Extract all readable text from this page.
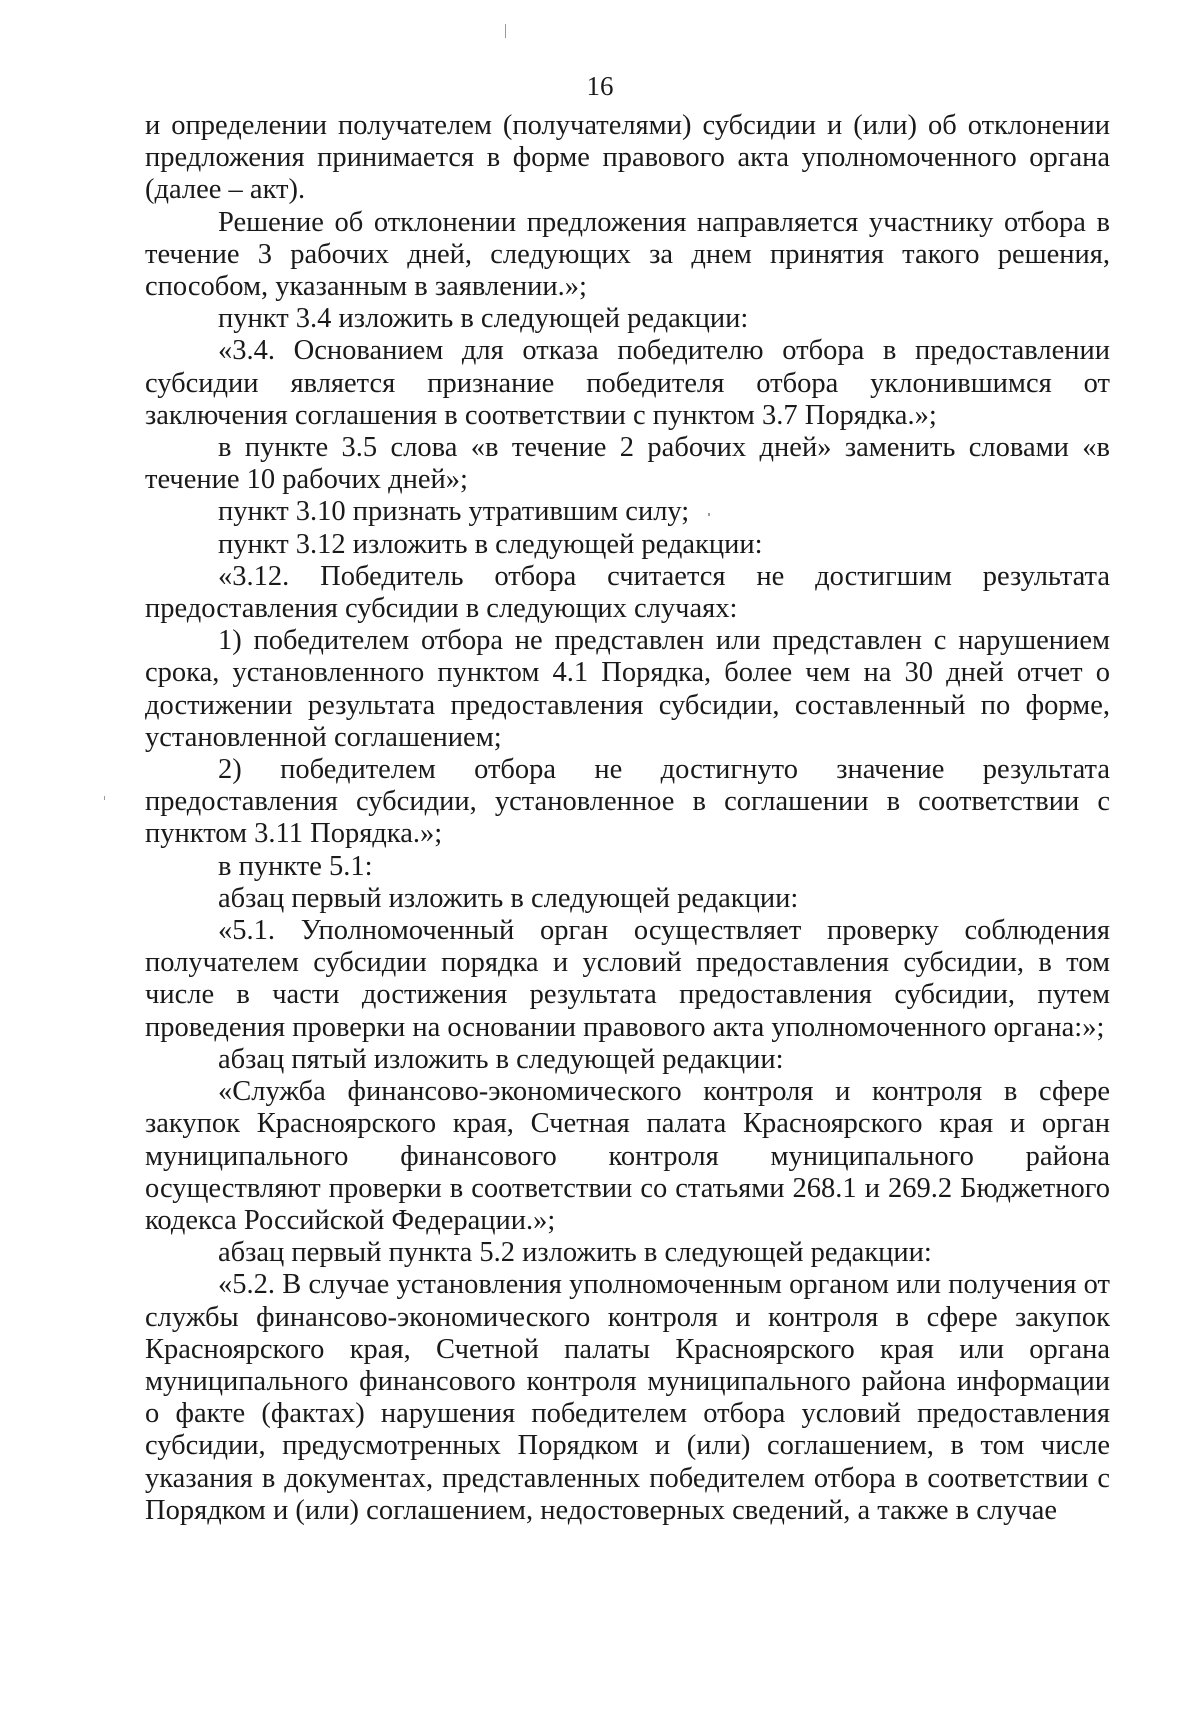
16

и определении получателем (получателями) субсидии и (или) об отклонении предложения принимается в форме правового акта уполномоченного органа (далее – акт).

Решение об отклонении предложения направляется участнику отбора в течение 3 рабочих дней, следующих за днем принятия такого решения, способом, указанным в заявлении.»;

пункт 3.4 изложить в следующей редакции:

«3.4. Основанием для отказа победителю отбора в предоставлении субсидии является признание победителя отбора уклонившимся от заключения соглашения в соответствии с пунктом 3.7 Порядка.»;

в пункте 3.5 слова «в течение 2 рабочих дней» заменить словами «в течение 10 рабочих дней»;

пункт 3.10 признать утратившим силу;

пункт 3.12 изложить в следующей редакции:

«3.12. Победитель отбора считается не достигшим результата предоставления субсидии в следующих случаях:

1) победителем отбора не представлен или представлен с нарушением срока, установленного пунктом 4.1 Порядка, более чем на 30 дней отчет о достижении результата предоставления субсидии, составленный по форме, установленной соглашением;

2) победителем отбора не достигнуто значение результата предоставления субсидии, установленное в соглашении в соответствии с пунктом 3.11 Порядка.»;

в пункте 5.1:

абзац первый изложить в следующей редакции:

«5.1. Уполномоченный орган осуществляет проверку соблюдения получателем субсидии порядка и условий предоставления субсидии, в том числе в части достижения результата предоставления субсидии, путем проведения проверки на основании правового акта уполномоченного органа:»;

абзац пятый изложить в следующей редакции:

«Служба финансово-экономического контроля и контроля в сфере закупок Красноярского края, Счетная палата Красноярского края и орган муниципального финансового контроля муниципального района осуществляют проверки в соответствии со статьями 268.1 и 269.2 Бюджетного кодекса Российской Федерации.»;

абзац первый пункта 5.2 изложить в следующей редакции:

«5.2. В случае установления уполномоченным органом или получения от службы финансово-экономического контроля и контроля в сфере закупок Красноярского края, Счетной палаты Красноярского края или органа муниципального финансового контроля муниципального района информации о факте (фактах) нарушения победителем отбора условий предоставления субсидии, предусмотренных Порядком и (или) соглашением, в том числе указания в документах, представленных победителем отбора в соответствии с Порядком и (или) соглашением, недостоверных сведений, а также в случае
